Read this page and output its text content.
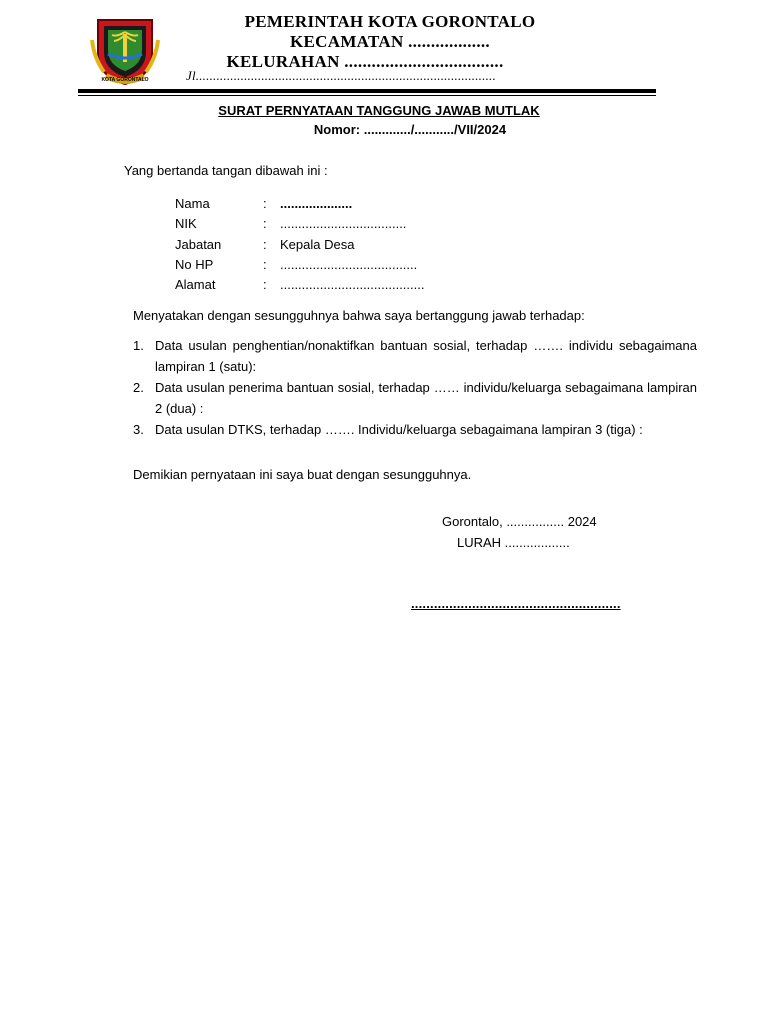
KOTA GORONTALO
PEMERINTAH KOTA GORONTALO
KECAMATAN ..................
KELURAHAN ...................................
Jl.......................................................................................
SURAT PERNYATAAN TANGGUNG JAWAB MUTLAK
Nomor: ............./.........../VII/2024
Yang bertanda tangan dibawah ini :
Nama	:	....................
NIK	:	...................................
Jabatan	:	Kepala Desa
No HP	:	......................................
Alamat	:	........................................
Menyatakan dengan sesungguhnya bahwa saya bertanggung jawab terhadap:
1. Data usulan penghentian/nonaktifkan bantuan sosial, terhadap ……. individu sebagaimana lampiran 1 (satu):
2. Data usulan penerima bantuan sosial, terhadap …… individu/keluarga sebagaimana lampiran 2 (dua) :
3. Data usulan DTKS, terhadap ……. Individu/keluarga sebagaimana lampiran 3 (tiga) :
Demikian pernyataan ini saya buat dengan sesungguhnya.
Gorontalo, ................ 2024
LURAH ..................
.......................................................
